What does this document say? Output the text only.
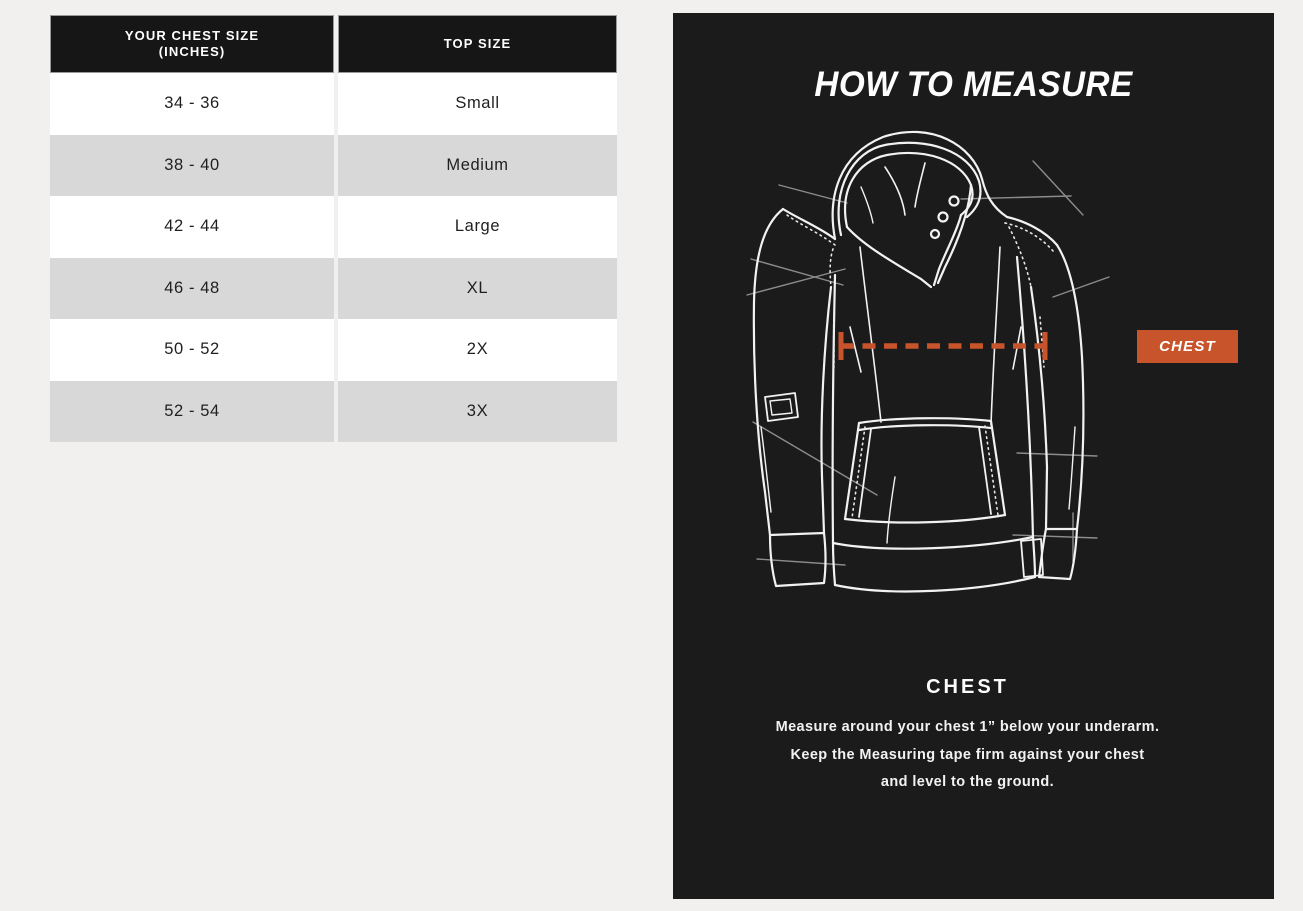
YOUR CHEST SIZE
(INCHES)
TOP SIZE
34 - 36	Small
38 - 40	Medium
42 - 44	Large
46 - 48	XL
50 - 52	2X
52 - 54	3X
HOW TO MEASURE
CHEST
CHEST
Measure around your chest 1” below your underarm.
Keep the Measuring tape firm against your chest
and level to the ground.
